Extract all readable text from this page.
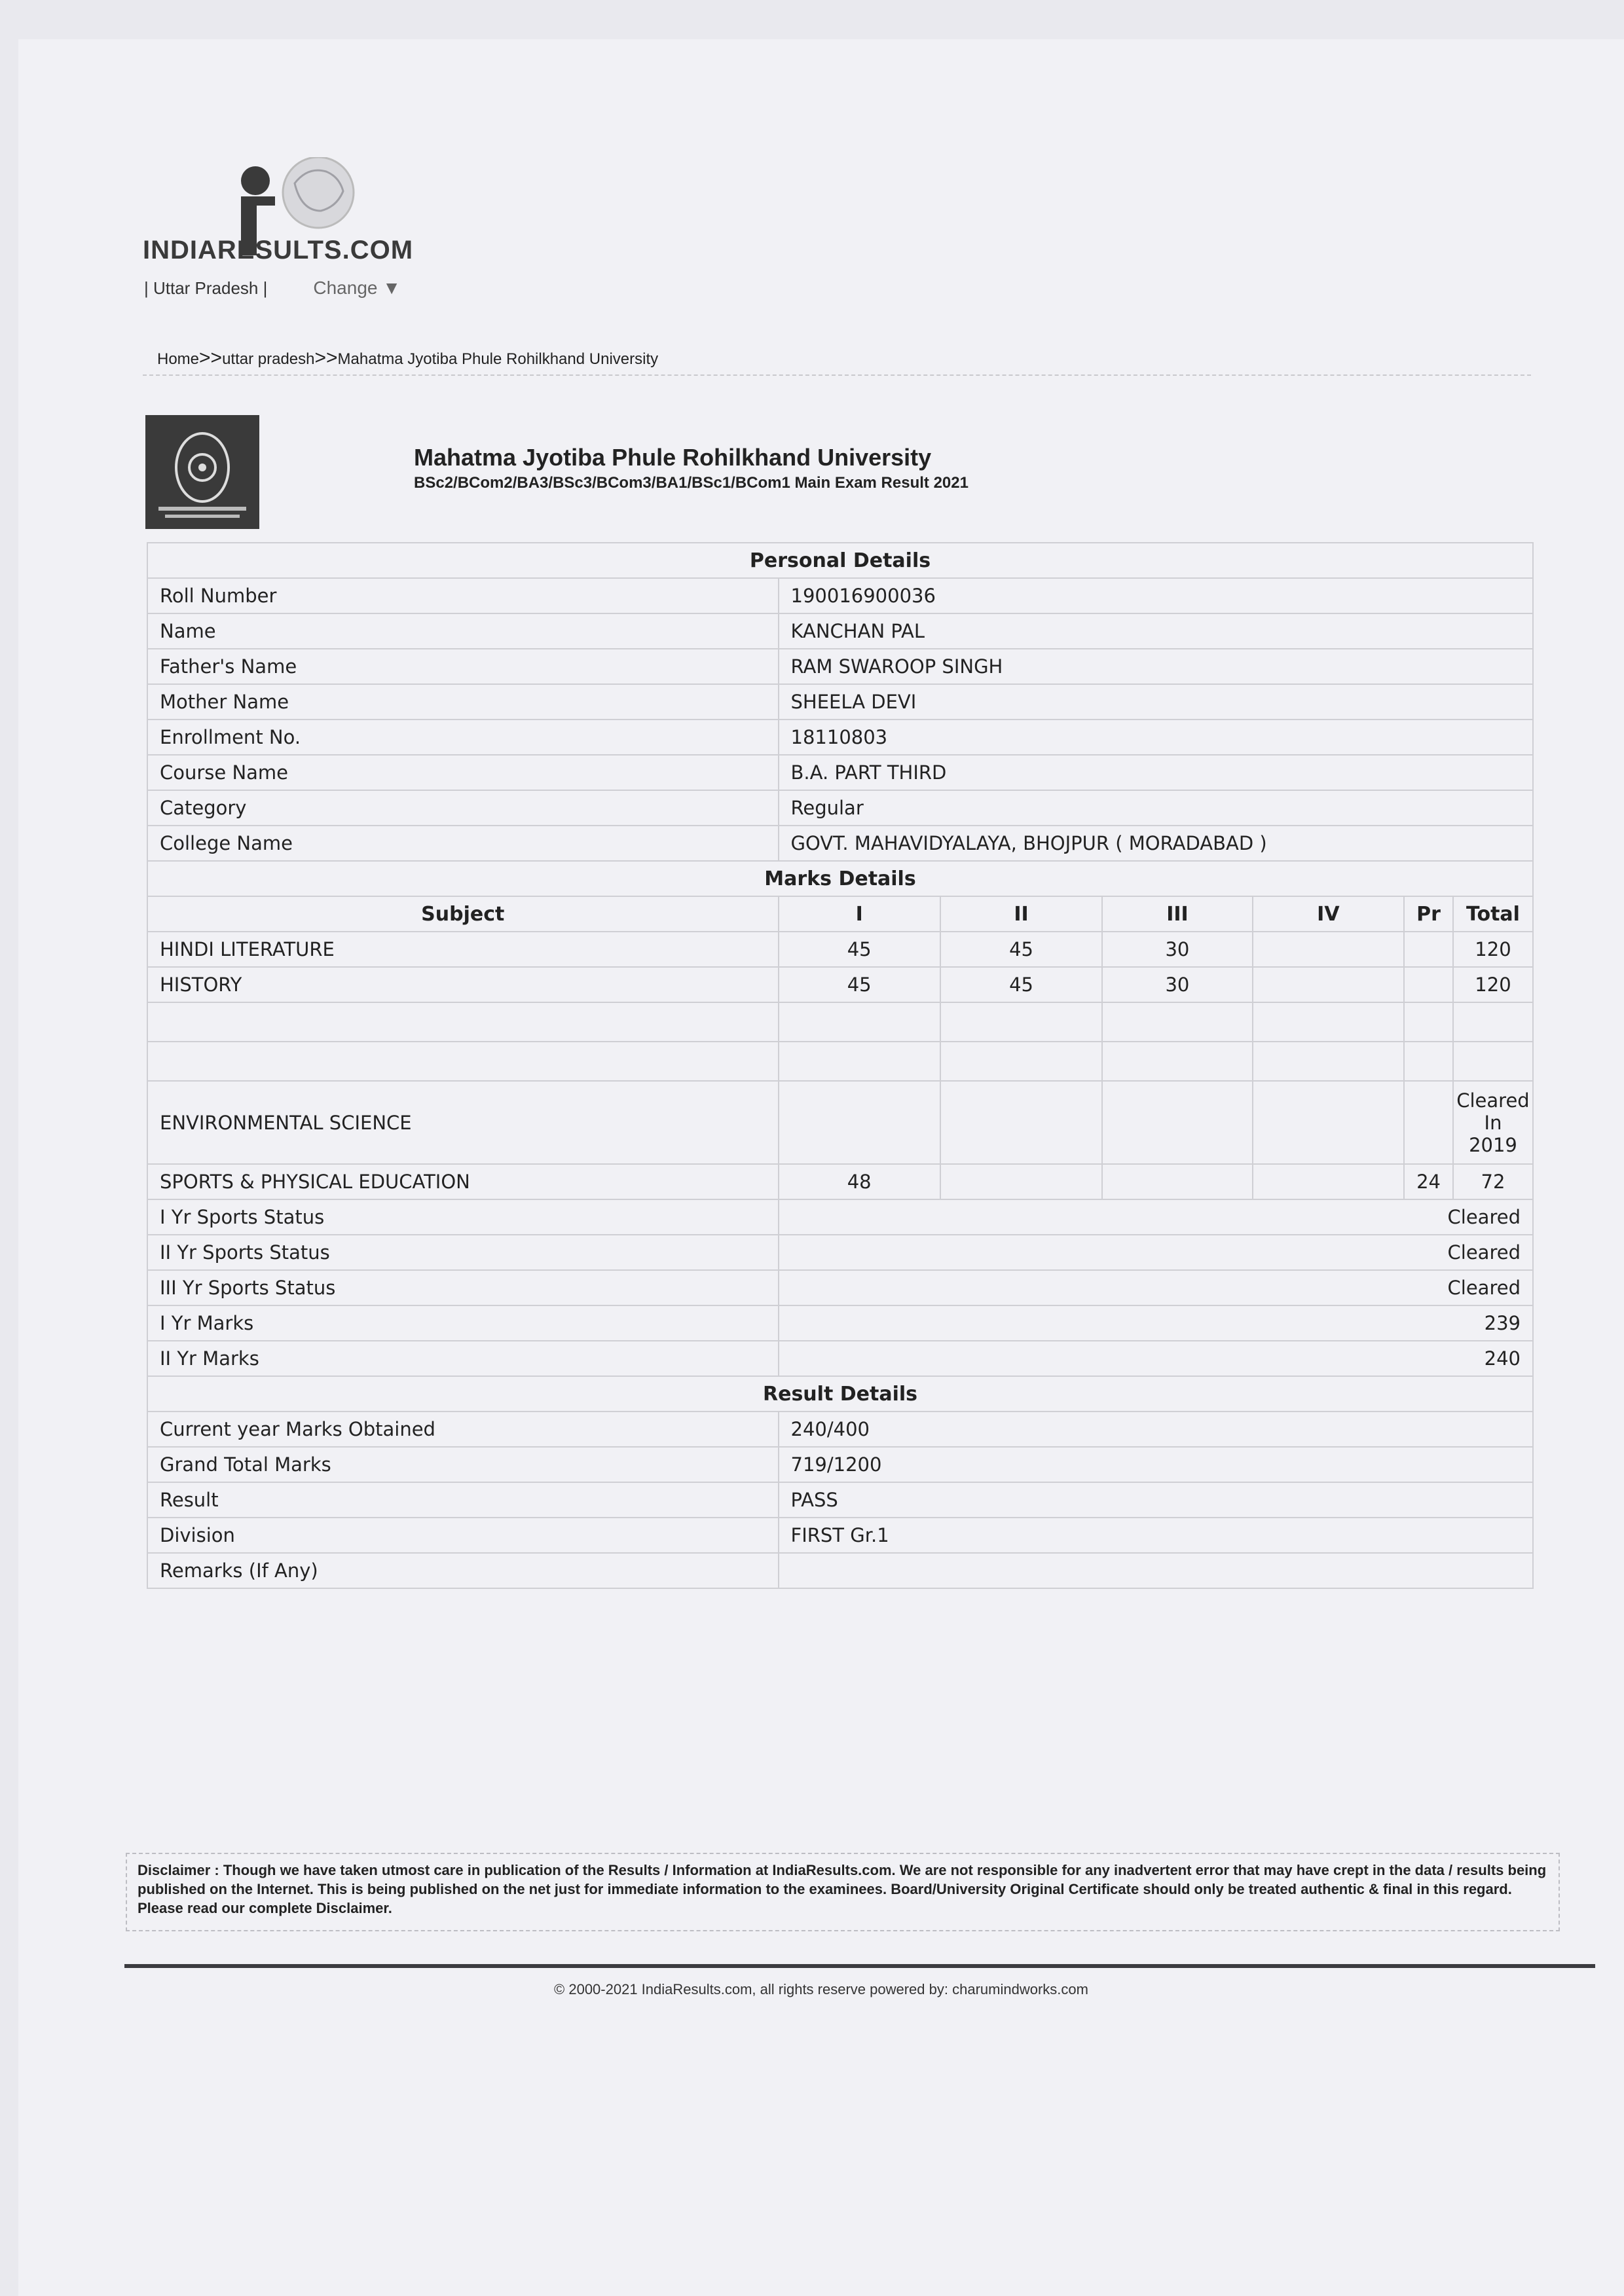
INDIARESULTS.COM
| Uttar Pradesh |	Change ▼
Home>>uttar pradesh>>Mahatma Jyotiba Phule Rohilkhand University
Mahatma Jyotiba Phule Rohilkhand University
BSc2/BCom2/BA3/BSc3/BCom3/BA1/BSc1/BCom1 Main Exam Result 2021
Personal Details						
Roll Number	190016900036					
Name	KANCHAN PAL					
Father's Name	RAM SWAROOP SINGH					
Mother Name	SHEELA DEVI					
Enrollment No.	18110803					
Course Name	B.A. PART THIRD					
Category	Regular					
College Name	GOVT. MAHAVIDYALAYA, BHOJPUR ( MORADABAD )					
Marks Details						
Subject	I	II	III	IV	Pr	Total
HINDI LITERATURE	45	45	30			120
HISTORY	45	45	30			120

ENVIRONMENTAL SCIENCE						Cleared
In
2019
SPORTS & PHYSICAL EDUCATION	48				24	72
I Yr Sports Status	Cleared					
II Yr Sports Status	Cleared					
III Yr Sports Status	Cleared					
I Yr Marks	239					
II Yr Marks	240					
Result Details						
Current year Marks Obtained	240/400					
Grand Total Marks	719/1200					
Result	PASS					
Division	FIRST Gr.1					
Remarks (If Any)						
Disclaimer : Though we have taken utmost care in publication of the Results / Information at IndiaResults.com. We are not responsible for any inadvertent error that may have crept in the data / results being published on the Internet. This is being published on the net just for immediate information to the examinees. Board/University Original Certificate should only be treated authentic & final in this regard. Please read our complete Disclaimer.
© 2000-2021 IndiaResults.com, all rights reserve powered by: charumindworks.com
